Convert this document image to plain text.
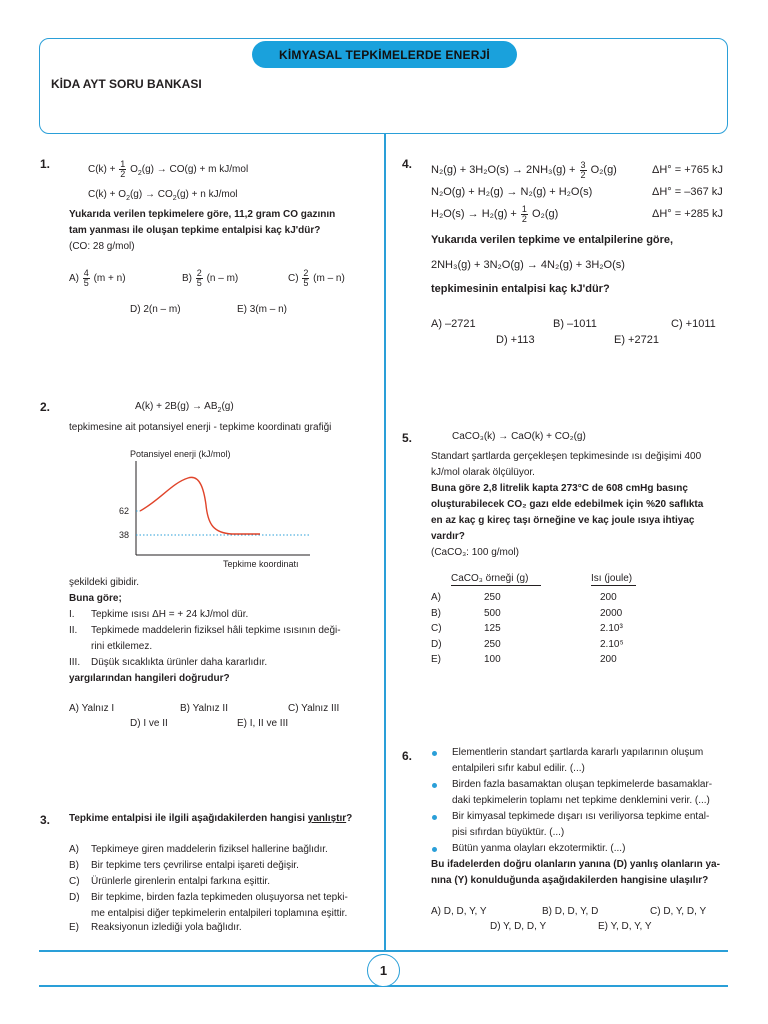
KİMYASAL TEPKİMELERDE ENERJİ
KİDA AYT SORU BANKASI
1.	$C(k) + \frac{1}{2} O_2(g) \to CO(g) + m$ kJ/mol
$C(k) + O_2(g) \to CO_2(g) + n$ kJ/mol
Yukarıda verilen tepkimelere göre, 11,2 gram CO gazının
tam yanması ile oluşan tepkime entalpisi kaç kJ'dür?
(CO: 28 g/mol)
$A) \frac{4}{5} (m + n)$	$B) \frac{2}{5} (n - m)$	$C) \frac{2}{5} (m - n)$
D) 2(n – m)	E) 3(m – n)
2.	$A(k) + 2B(g) \to AB_2(g)$
tepkimesine ait potansiyel enerji - tepkime koordinatı grafiği
Potansiyel enerji (kJ/mol)
62
38
Tepkime koordinatı
şekildeki gibidir.
Buna göre;
I. Tepkime ısısı ΔH = + 24 kJ/mol dür.
II. Tepkimede maddelerin fiziksel hâli tepkime ısısının deği-
rini etkilemez.
III. Düşük sıcaklıkta ürünler daha kararlıdır.
yargılarından hangileri doğrudur?
A) Yalnız I	B) Yalnız II	C) Yalnız III
D) I ve II	E) I, II ve III
3. Tepkime entalpisi ile ilgili aşağıdakilerden hangisi yanlıştır?
A) Tepkimeye giren maddelerin fiziksel hallerine bağlıdır.
B) Bir tepkime ters çevrilirse entalpi işareti değişir.
C) Ürünlerle girenlerin entalpi farkına eşittir.
D) Bir tepkime, birden fazla tepkimeden oluşuyorsa net tepki-
me entalpisi diğer tepkimelerin entalpileri toplamına eşittir.
E) Reaksiyonun izlediği yola bağlıdır.
4. $N_2(g) + 3H_2O(s) \to 2NH_3(g) + \frac{3}{2} O_2(g)$	ΔH° = +765 kJ
N₂O(g) + H₂(g) → N₂(g) + H₂O(s)	ΔH° = –367 kJ
$H_2O(s) \to H_2(g) + \frac{1}{2} O_2(g)$	ΔH° = +285 kJ
Yukarıda verilen tepkime ve entalpilerine göre,
2NH₃(g) + 3N₂O(g) → 4N₂(g) + 3H₂O(s)
tepkimesinin entalpisi kaç kJ'dür?
A) –2721	B) –1011	C) +1011
D) +113	E) +2721
5.	CaCO₃(k) → CaO(k) + CO₂(g)
Standart şartlarda gerçekleşen tepkimesinde ısı değişimi 400
kJ/mol olarak ölçülüyor.
Buna göre 2,8 litrelik kapta 273°C de 608 cmHg basınç
oluşturabilecek CO₂ gazı elde edebilmek için %20 saflıkta
en az kaç g kireç taşı örneğine ve kaç joule ısıya ihtiyaç
vardır?
(CaCO₃: 100 g/mol)
CaCO₃ örneği (g)	Isı (joule)
A)	250	200
B)	500	2000
C)	125	2.10³
D)	250	2.10⁵
E)	100	200
6.	Elementlerin standart şartlarda kararlı yapılarının oluşum
entalpileri sıfır kabul edilir. (...)
Birden fazla basamaktan oluşan tepkimelerde basamaklar-
daki tepkimelerin toplamı net tepkime denklemini verir. (...)
Bir kimyasal tepkimede dışarı ısı veriliyorsa tepkime ental-
pisi sıfırdan büyüktür. (...)
Bütün yanma olayları ekzotermiktir. (...)
Bu ifadelerden doğru olanların yanına (D) yanlış olanların ya-
nına (Y) konulduğunda aşağıdakilerden hangisine ulaşılır?
A) D, D, Y, Y	B) D, D, Y, D	C) D, Y, D, Y
D) Y, D, D, Y	E) Y, D, Y, Y
1
